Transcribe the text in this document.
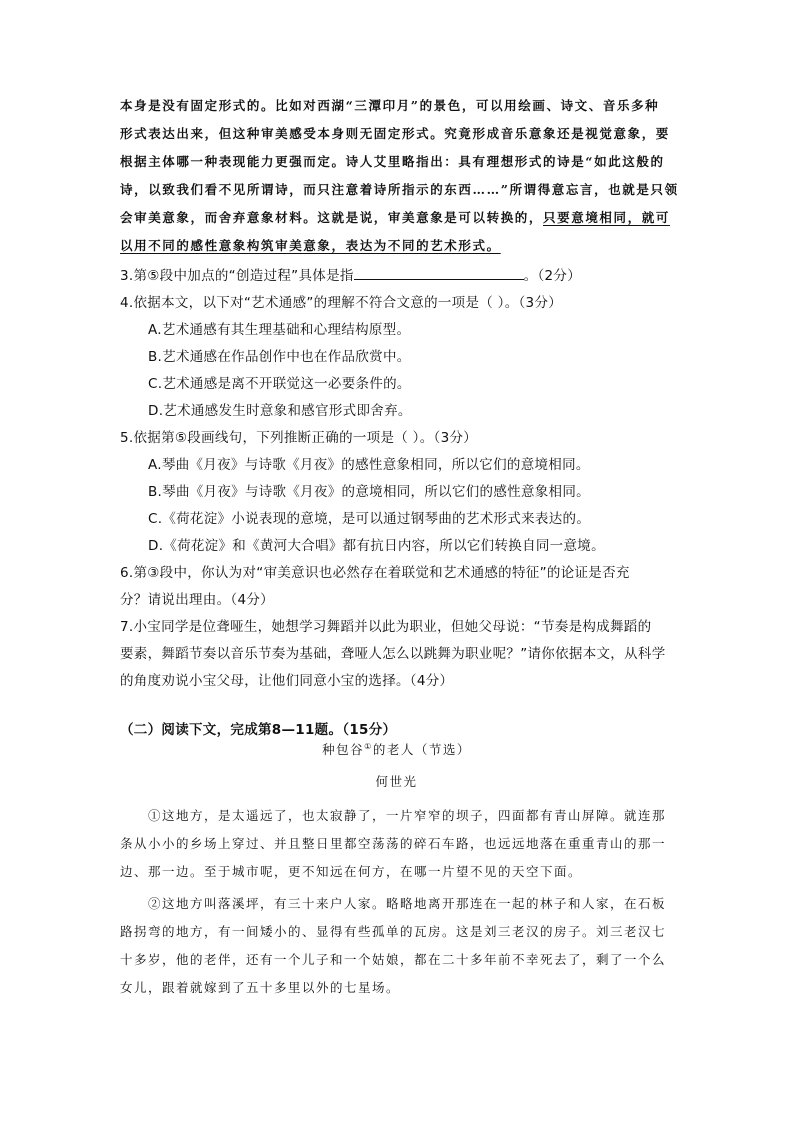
本身是没有固定形式的。比如对西湖“三潭印月”的景色，可以用绘画、诗文、音乐多种
形式表达出来，但这种审美感受本身则无固定形式。究竟形成音乐意象还是视觉意象，要
根据主体哪一种表现能力更强而定。诗人艾里略指出：具有理想形式的诗是“如此这般的
诗，以致我们看不见所谓诗，而只注意着诗所指示的东西……”所谓得意忘言，也就是只领
会审美意象，而舍弃意象材料。这就是说，审美意象是可以转换的，只要意境相同，就可
以用不同的感性意象构筑审美意象，表达为不同的艺术形式。
3.第⑤段中加点的“创造过程”具体是指	。（2分）
4.依据本文，以下对“艺术通感”的理解不符合文意的一项是（ ）。（3分）
A.艺术通感有其生理基础和心理结构原型。
B.艺术通感在作品创作中也在作品欣赏中。
C.艺术通感是离不开联觉这一必要条件的。
D.艺术通感发生时意象和感官形式即舍弃。
5.依据第⑤段画线句，下列推断正确的一项是（ ）。（3分）
A.琴曲《月夜》与诗歌《月夜》的感性意象相同，所以它们的意境相同。
B.琴曲《月夜》与诗歌《月夜》的意境相同，所以它们的感性意象相同。
C.《荷花淀》小说表现的意境，是可以通过钢琴曲的艺术形式来表达的。
D.《荷花淀》和《黄河大合唱》都有抗日内容，所以它们转换自同一意境。
6.第③段中，你认为对“审美意识也必然存在着联觉和艺术通感的特征”的论证是否充
分？请说出理由。（4分）
7.小宝同学是位聋哑生，她想学习舞蹈并以此为职业，但她父母说：“节奏是构成舞蹈的
要素，舞蹈节奏以音乐节奏为基础，聋哑人怎么以跳舞为职业呢？”请你依据本文，从科学
的角度劝说小宝父母，让他们同意小宝的选择。（4分）
（二）阅读下文，完成第8—11题。（15分）
种包谷①的老人（节选）
何世光
①这地方，是太遥远了，也太寂静了，一片窄窄的坝子，四面都有青山屏障。就连那
条从小小的乡场上穿过、并且整日里都空荡荡的碎石车路，也远远地落在重重青山的那一
边、那一边。至于城市呢，更不知远在何方，在哪一片望不见的天空下面。
②这地方叫落溪坪，有三十来户人家。略略地离开那连在一起的林子和人家，在石板
路拐弯的地方，有一间矮小的、显得有些孤单的瓦房。这是刘三老汉的房子。刘三老汉七
十多岁，他的老伴，还有一个儿子和一个姑娘，都在二十多年前不幸死去了，剩了一个么
女儿，跟着就嫁到了五十多里以外的七星场。
